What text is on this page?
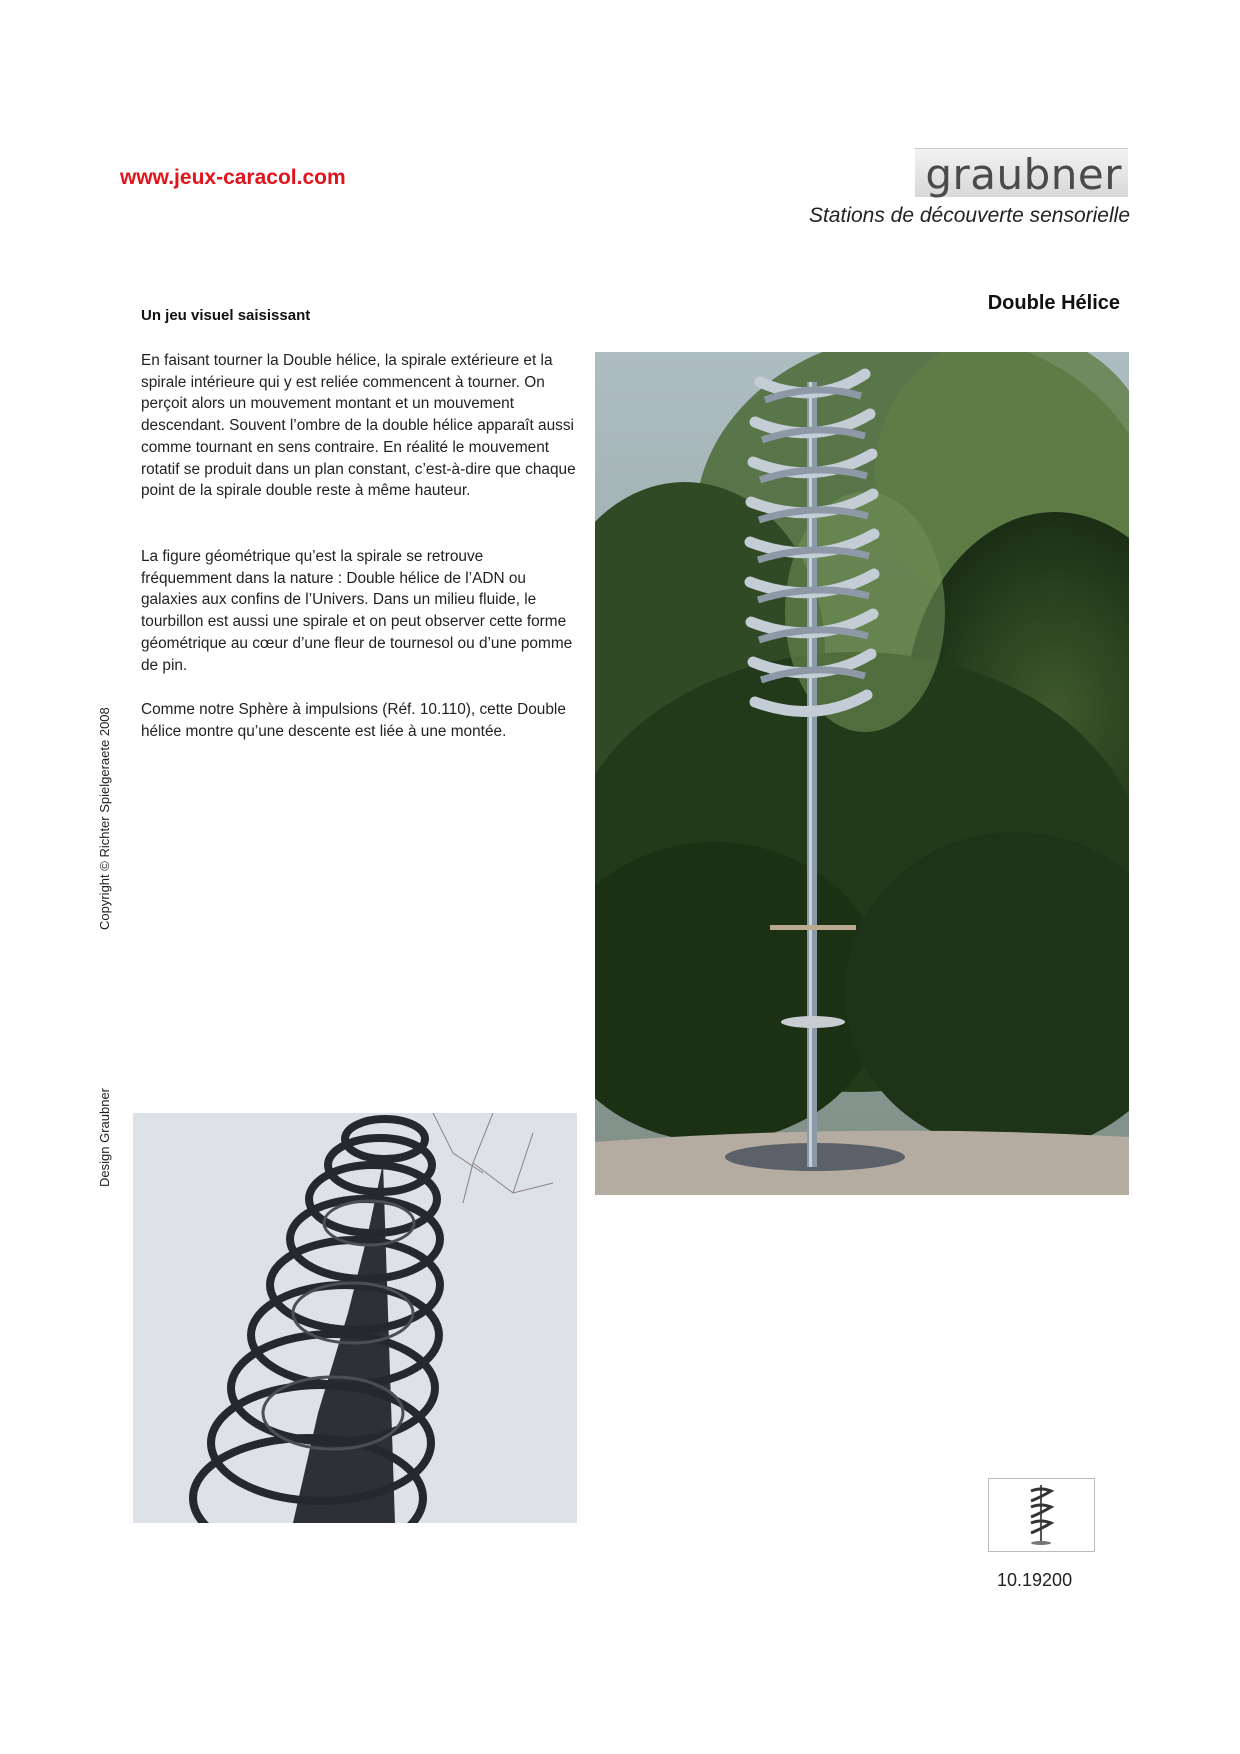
www.jeux-caracol.com	graubner
Stations de découverte sensorielle
Double Hélice
Un jeu visuel saisissant
En faisant tourner la Double hélice, la spirale extérieure et la spirale intérieure qui y est reliée commencent à tourner. On perçoit alors un mouvement montant et un mouvement descendant. Souvent l’ombre de la double hélice apparaît aussi comme tournant en sens contraire. En réalité le mouvement rotatif se produit dans un plan constant, c’est-à-dire que chaque point de la spirale double reste à même hauteur.
La figure géométrique qu’est la spirale se retrouve fréquemment dans la nature : Double hélice de l’ADN ou galaxies aux confins de l’Univers. Dans un milieu fluide, le tourbillon est aussi une spirale et on peut observer cette forme géométrique au cœur d’une fleur de tournesol ou d’une pomme de pin.
Comme notre Sphère à impulsions (Réf. 10.110), cette Double hélice montre qu’une descente est liée à une montée.
Copyright © Richter Spielgeraete 2008
Design Graubner
10.19200
